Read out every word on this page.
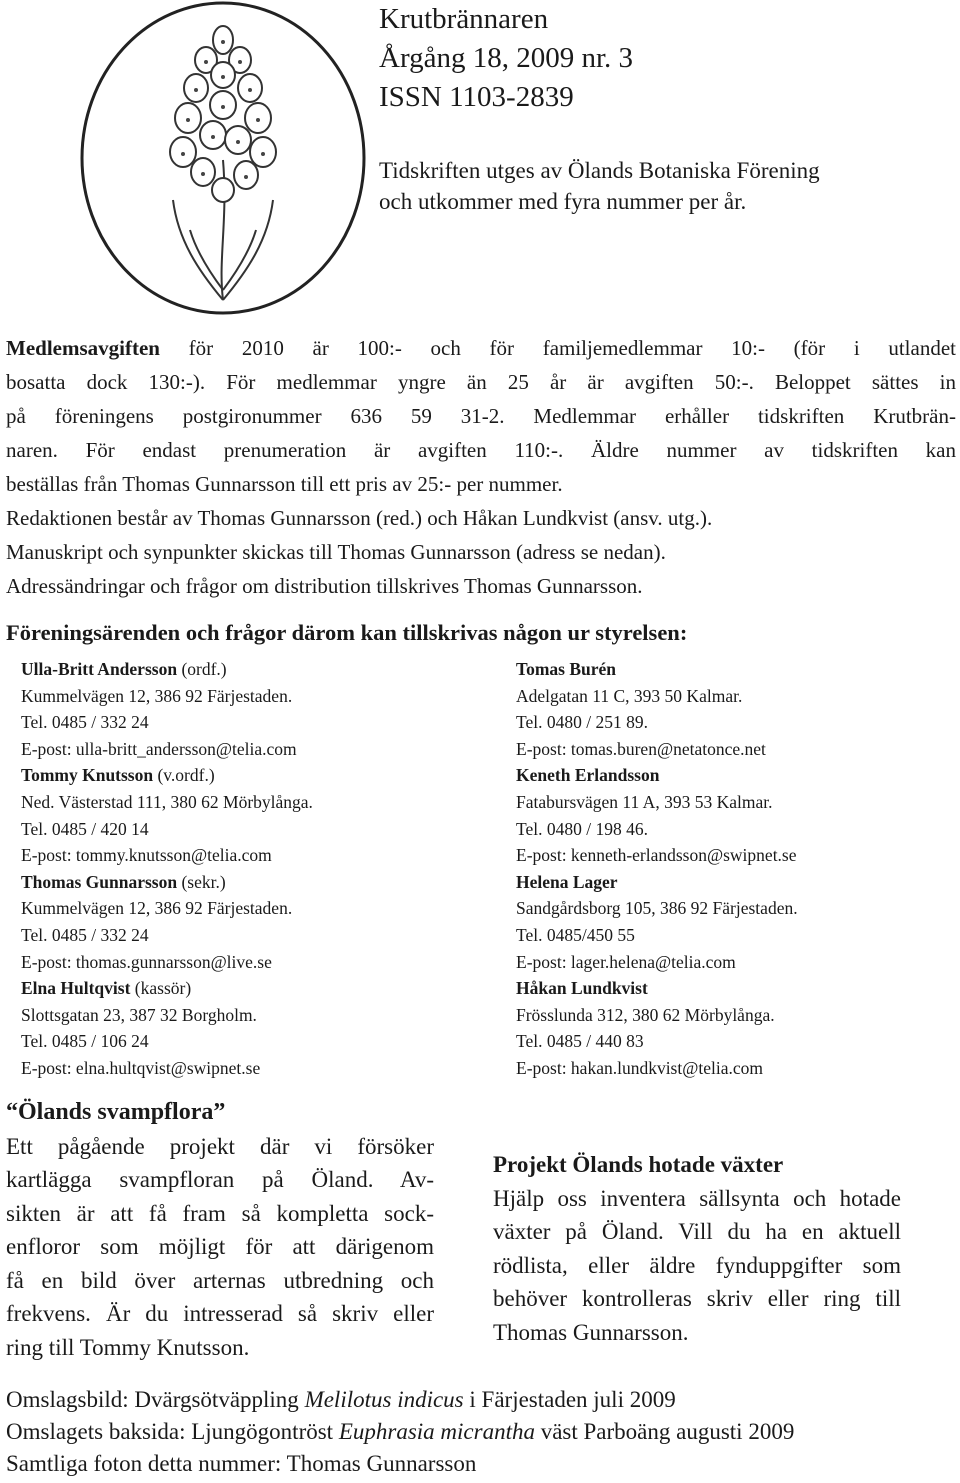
Krutbrännaren
Årgång 18, 2009 nr. 3
ISSN 1103-2839
Tidskriften utges av Ölands Botaniska Förening
och utkommer med fyra nummer per år.
Medlemsavgiften för 2010 är 100:- och för familjemedlemmar 10:- (för i utlandet
bosatta dock 130:-). För medlemmar yngre än 25 år är avgiften 50:-. Beloppet sättes in
på föreningens postgironummer 636 59 31-2. Medlemmar erhåller tidskriften Krutbrän-
naren. För endast prenumeration är avgiften 110:-. Äldre nummer av tidskriften kan
beställas från Thomas Gunnarsson till ett pris av 25:- per nummer.
Redaktionen består av Thomas Gunnarsson (red.) och Håkan Lundkvist (ansv. utg.).
Manuskript och synpunkter skickas till Thomas Gunnarsson (adress se nedan).
Adressändringar och frågor om distribution tillskrives Thomas Gunnarsson.
Föreningsärenden och frågor därom kan tillskrivas någon ur styrelsen:
Ulla-Britt Andersson (ordf.)
Kummelvägen 12, 386 92 Färjestaden.
Tel. 0485 / 332 24
E-post: ulla-britt_andersson@telia.com
Tommy Knutsson (v.ordf.)
Ned. Västerstad 111, 380 62 Mörbylånga.
Tel. 0485 / 420 14
E-post: tommy.knutsson@telia.com
Thomas Gunnarsson (sekr.)
Kummelvägen 12, 386 92 Färjestaden.
Tel. 0485 / 332 24
E-post: thomas.gunnarsson@live.se
Elna Hultqvist (kassör)
Slottsgatan 23, 387 32 Borgholm.
Tel. 0485 / 106 24
E-post: elna.hultqvist@swipnet.se
Tomas Burén
Adelgatan 11 C, 393 50 Kalmar.
Tel. 0480 / 251 89.
E-post: tomas.buren@netatonce.net
Keneth Erlandsson
Fatabursvägen 11 A, 393 53 Kalmar.
Tel. 0480 / 198 46.
E-post: kenneth-erlandsson@swipnet.se
Helena Lager
Sandgårdsborg 105, 386 92 Färjestaden.
Tel. 0485/450 55
E-post: lager.helena@telia.com
Håkan Lundkvist
Frösslunda 312, 380 62 Mörbylånga.
Tel. 0485 / 440 83
E-post: hakan.lundkvist@telia.com
“Ölands svampflora”
Ett pågående projekt där vi försöker
kartlägga svampfloran på Öland. Av-
sikten är att få fram så kompletta sock-
enfloror som möjligt för att därigenom
få en bild över arternas utbredning och
frekvens. Är du intresserad så skriv eller
ring till Tommy Knutsson.
Projekt Ölands hotade växter
Hjälp oss inventera sällsynta och hotade
växter på Öland. Vill du ha en aktuell
rödlista, eller äldre fynduppgifter som
behöver kontrolleras skriv eller ring till
Thomas Gunnarsson.
Omslagsbild: Dvärgsötväppling Melilotus indicus i Färjestaden juli 2009
Omslagets baksida: Ljungögontröst Euphrasia micrantha väst Parboäng augusti 2009
Samtliga foton detta nummer: Thomas Gunnarsson
